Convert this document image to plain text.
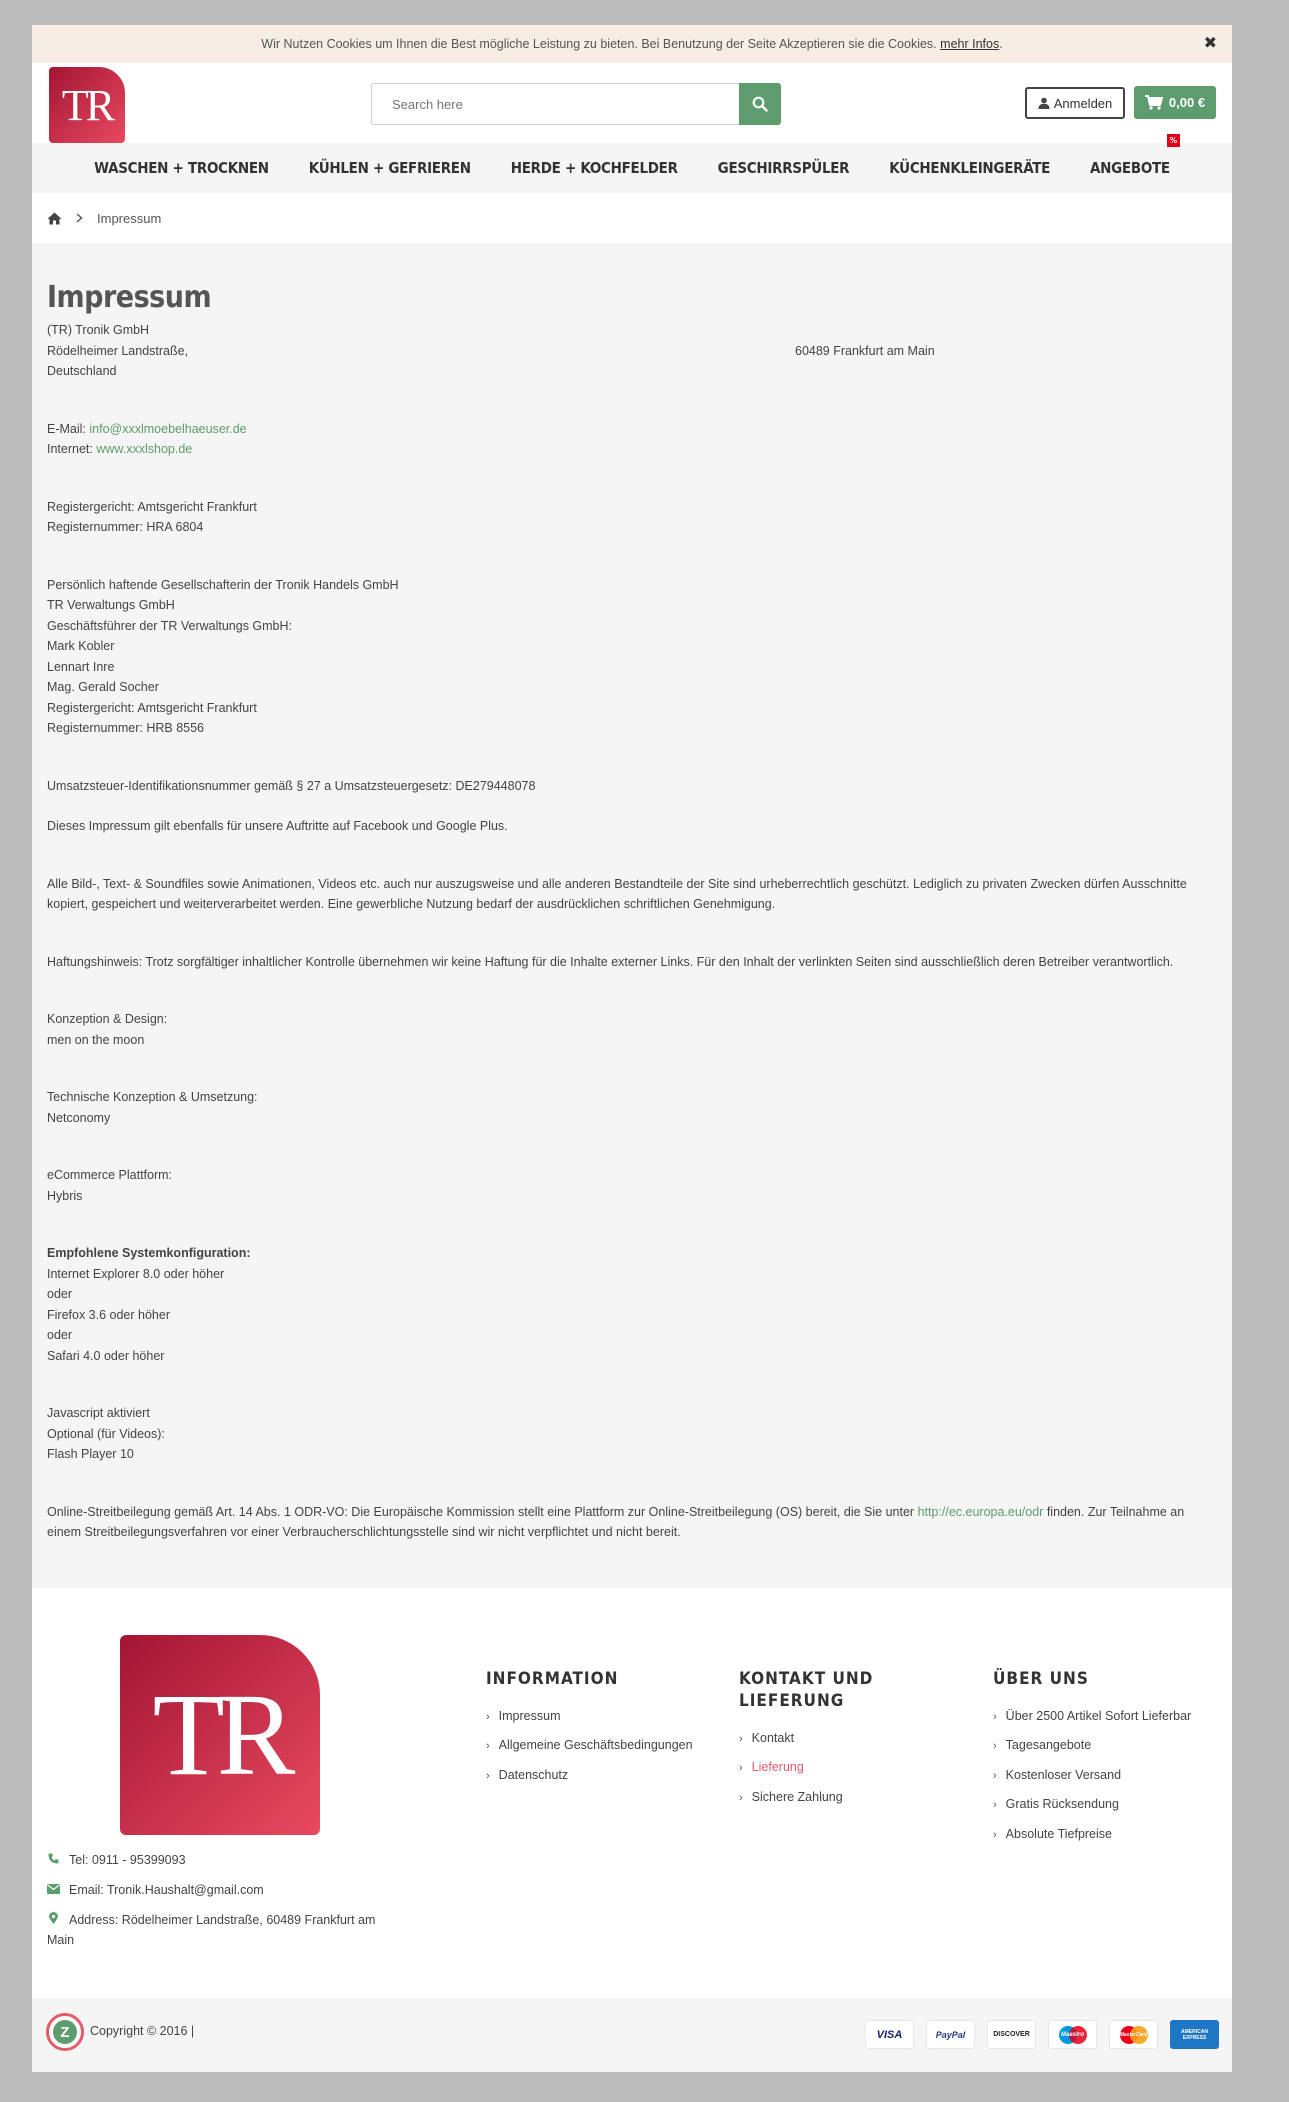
Wir Nutzen Cookies um Ihnen die Best mögliche Leistung zu bieten. Bei Benutzung der Seite Akzeptieren sie die Cookies. mehr Infos.	✖
TR
Search here	Anmelden	0,00 €
WASCHEN + TROCKNEN	KÜHLEN + GEFRIEREN	HERDE + KOCHFELDER	GESCHIRRSPÜLER	KÜCHENKLEINGERÄTE	ANGEBOTE
%
Impressum
Impressum
(TR) Tronik GmbH
Rödelheimer Landstraße,	60489 Frankfurt am Main
Deutschland
E-Mail: info@xxxlmoebelhaeuser.de
Internet: www.xxxlshop.de
Registergericht: Amtsgericht Frankfurt
Registernummer: HRA 6804
Persönlich haftende Gesellschafterin der Tronik Handels GmbH
TR Verwaltungs GmbH
Geschäftsführer der TR Verwaltungs GmbH:
Mark Kobler
Lennart Inre
Mag. Gerald Socher
Registergericht: Amtsgericht Frankfurt
Registernummer: HRB 8556
Umsatzsteuer-Identifikationsnummer gemäß § 27 a Umsatzsteuergesetz: DE279448078
Dieses Impressum gilt ebenfalls für unsere Auftritte auf Facebook und Google Plus.
Alle Bild-, Text- & Soundfiles sowie Animationen, Videos etc. auch nur auszugsweise und alle anderen Bestandteile der Site sind urheberrechtlich geschützt. Lediglich zu privaten Zwecken dürfen Ausschnitte kopiert, gespeichert und weiterverarbeitet werden. Eine gewerbliche Nutzung bedarf der ausdrücklichen schriftlichen Genehmigung.
Haftungshinweis: Trotz sorgfältiger inhaltlicher Kontrolle übernehmen wir keine Haftung für die Inhalte externer Links. Für den Inhalt der verlinkten Seiten sind ausschließlich deren Betreiber verantwortlich.
Konzeption & Design:
men on the moon
Technische Konzeption & Umsetzung:
Netconomy
eCommerce Plattform:
Hybris
Empfohlene Systemkonfiguration:
Internet Explorer 8.0 oder höher
oder
Firefox 3.6 oder höher
oder
Safari 4.0 oder höher
Javascript aktiviert
Optional (für Videos):
Flash Player 10
Online-Streitbeilegung gemäß Art. 14 Abs. 1 ODR-VO: Die Europäische Kommission stellt eine Plattform zur Online-Streitbeilegung (OS) bereit, die Sie unter http://ec.europa.eu/odr finden. Zur Teilnahme an einem Streitbeilegungsverfahren vor einer Verbraucherschlichtungsstelle sind wir nicht verpflichtet und nicht bereit.
TR
Tel: 0911 - 95399093
Email: Tronik.Haushalt@gmail.com
Address: Rödelheimer Landstraße, 60489 Frankfurt am Main
INFORMATION
› Impressum
› Allgemeine Geschäftsbedingungen
› Datenschutz
KONTAKT UND LIEFERUNG
› Kontakt
› Lieferung
› Sichere Zahlung
ÜBER UNS
› Über 2500 Artikel Sofort Lieferbar
› Tagesangebote
› Kostenloser Versand
› Gratis Rücksendung
› Absolute Tiefpreise
Z	Copyright © 2016 |	VISA	PayPal	DISCOVER	Maestro	MasterCard	AMERICAN EXPRESS
